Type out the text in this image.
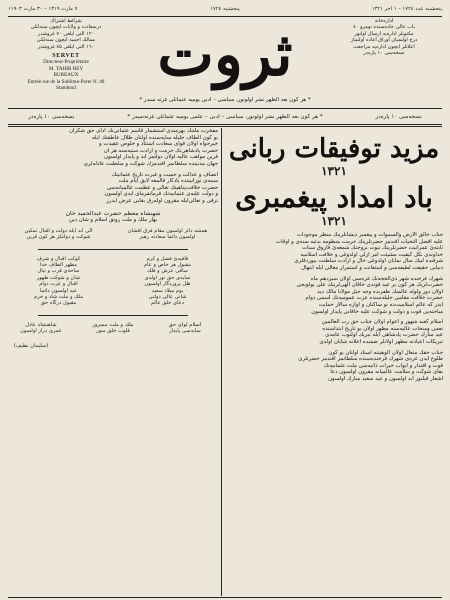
۱٧ مارت ۱۳۱۹ – ۳۰ مارت ۱۹۰۳	پنجشنبه ۱۷۲٤	پنجشنبه عدد ۱۷۲٤ – ۱ آخر ۱۳۲۱
شرائط اشتراك
درسعادت و ولايات ايچون سنه‌لكی
۱۲۰ التی آیلغی ۷۰ غروشدر
ممالك اجنبيه ايچون سنه‌لكی
۱٦۰ التی آیلغی ۸۵ غروشدر
SERVET
Directeur-Propriétaire
M. TAHIR BEY
BUREAUX
Entrée rue de la Sublime-Porte N. 40
Stamboul	ثروت
* هر كون بعد الظهر نشر اولونور، سياسی – ادبی يوميه عثمانلی غزته سيدر *
اداره‌خانه
باب عالی جاده‌سنده نومرو ٤۰
مكتوبلر اداره‌يه ارسال اولنور
درج اولنميان اوراق اعاده اولنماز
اعلانلر ايچون اداره‌يه مراجعت
نسخه‌سی ۱۰ پاره‌در
نسخه‌سی ۱۰ پاره‌در	* هر كون بعد الظهر نشر اولونور، سياسی – ادبی – علمی يوميه عثمانلی غزته‌سيدر *	نسخه‌سی ۱۰ پاره‌در
مزيد توفيقات ربانی
۱۳۲۱
باد امداد پيغمبری
۱۳۲۱

جناب خالق الارض والسموات و پيغمبر ذيشانلرينك منظر موجودات

عليه افضل التحيات افندمز حضرتلرينك حرمت منظومه بدئيه سنه‌ی و اوقات

ثابته‌ئ عمرانيت حضرتلرينك نبوت بروجنك شمعه‌ئ فاروق سنات

خداوندی نكل كيفيت مشيئت امر ازلی اولدوغی و خلافت اسلاميه

شرفنده لبيك سال نمايان اولدوغی حال و ارادت سلطنت بيوردقلری

دنيايی حقيقت لطيفه‌سی و استعانت و استمرار معالی ايله ابتهال

شهرك فرخنده شهر ذی‌الحجه‌نك غره‌سی اولان سيزدهم ماه

حضرت‌لريك هر كون بر عيد قوتدی خاقان الهی‌لرينك علی بولونجی

اولان دور ولوله عالمنك ظفرنده وجه‌ حيل مولانا مالك ديد

حضرت خلافت مقامی جليله‌سنده عزت عموميه‌نك اسمی دوام

ايدر كه عالم اسلاميت‌ده بو ساكنان و آوازه‌ سالار حمايت

مباحته‌يی قوت و دولت و شوكت عليه خاقانی پايدار اولسون

اسلام كعبه شهور و اعوام اولان جناب حق رب العالمين

نعمی ومنحات عاليه‌سنه مظهر اولان بو تاريخ ابتداسنده

عيد مبارك حضرت پادشاهی ايله تبريك اولنوب عامه‌ی

تبريكات اعيادنه مظهر اولانلر ضمنده اعلانه شايان اولدی

جناب حقك متعال اولان الوهيتنه اسناد اولنان بو كون

طلوع ايدن غره‌ی شهرك فرخنده‌سنده سلطانمز افندمز حضرتلری

قوت و اقتدار و ابواب خيرات ذاتيه‌سی ملت عثمانيه‌نك

بقای شوكت و سلامت عالميانه مقرون اولسون دعا

اشعار قيلنور ابد اولسون و عيد سعيد مبارك اولسون

مفخرت ملتنك بهرمندی استشمار قاسم عثمانی‌نك ادای حق شكران

بو كون الطاف جليله سايه‌سنده اولنان ظلال عاطفتك ايله

خيرخواه اولان قوای سعادت استناد و خلوص عقيدت و

حضرت پادشاهی‌نك حرمت و ارادت سنيه‌سنه هر آن

قرين مواهب عاليه اولان دولتمز ابد و پايدار اولسون

جهان مدنيتده سلطانمز افندمزك شوكت و سلطنت عادله‌لری

انصاف و عدالت و حميت و غيرت تاريخ عثمانينك

سينه‌ی نورانيتنده يادكار قالمغه لايق ايام ملت

حضرت خلافت‌پناهينك تعالی و عظمت عالميانه‌سی

و دولت عليه‌ی عثمانيه‌نك فرمانفرمای ابدی اولسون

ترقی و تعالی‌ايله مقرون اوله‌رق بقايی عرض ايدرز

شهنشاه معظم حضرت عبدالحميد خان

بهار ملك و ملت رونق اسلام و شان دين

همشه دائر اولسون مقام فرق افشان

الی ابد ايله دولت و اقبال تمكين

اولسون دائما سعادته رهبر

شوكت و دولتكز هر كون قرين

قافيه‌ئ فضل و كرم

كوكب اقبال و شرف

مقبول هر خاص و عام

مظهر الطاف خدا

ساقی عرش و فلك

ساحة‌ی قرب و نيال

سايه‌ی حق نور اولدی

شان و شوكت ظهور

ظل پروردگار اولسون

اقبال و عزت دوام

يوم ميلاد سعيد

عيد اولسون دائما

شانی عالی دولتی

ملك و ملت شاد و خرم

دعای خلق عالم

مقبول درگاه حق

اسلام لوای حق

ملك و ملت مسرور

شاهنشاه عادل

سايه‌سی پايدار

قلوب خلق منور

عمری دراز اولسون

(سليمان نظيف)
